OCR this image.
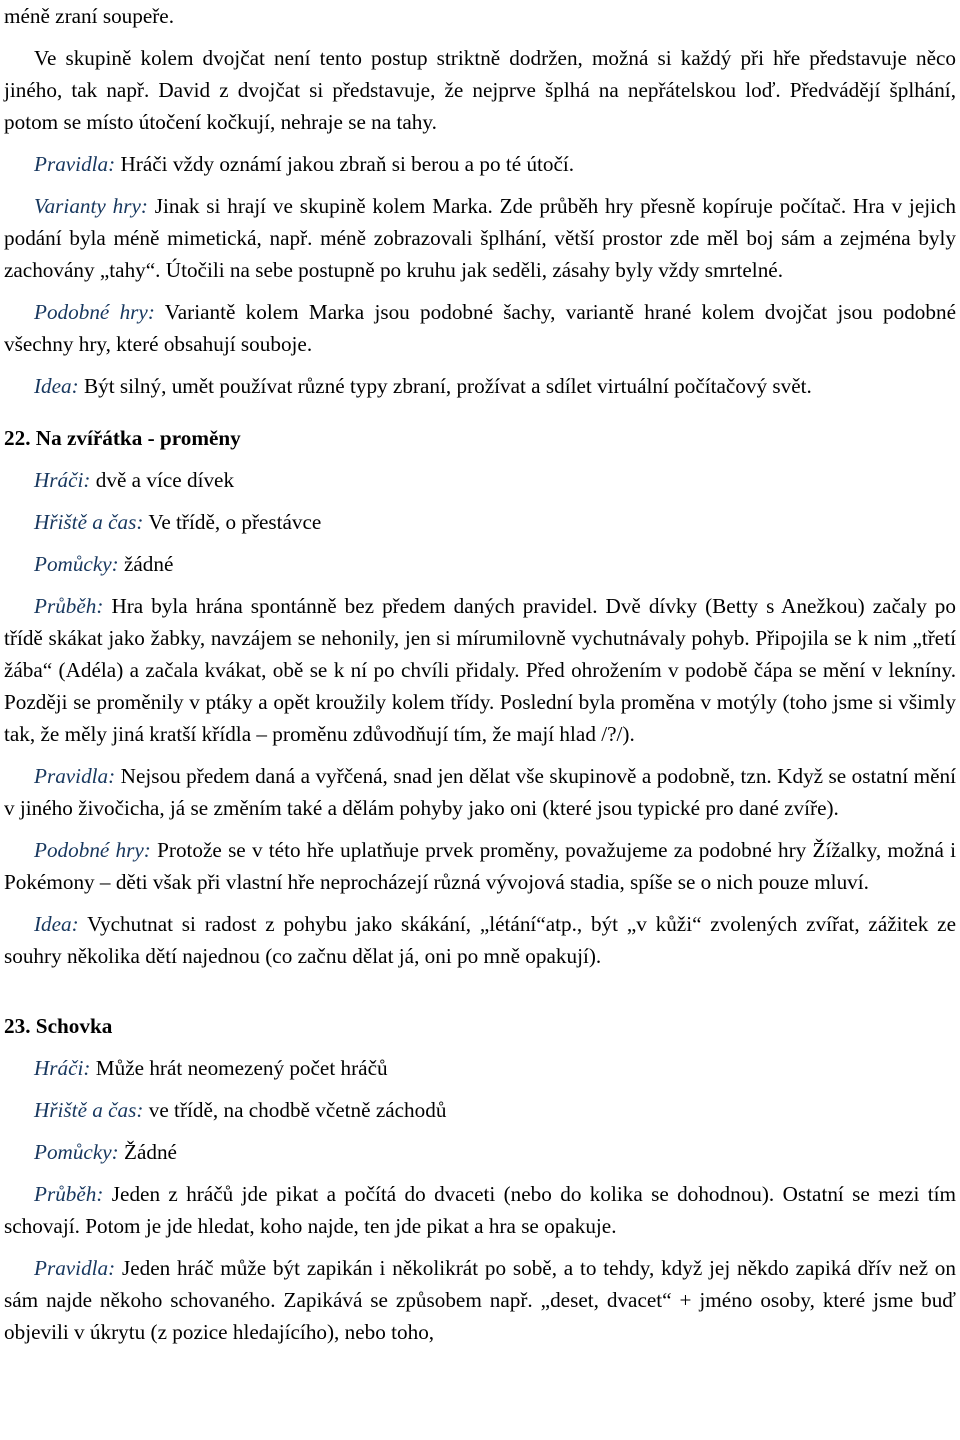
méně zraní soupeře.

Ve skupině kolem dvojčat není tento postup striktně dodržen, možná si každý při hře představuje něco jiného, tak např. David z dvojčat si představuje, že nejprve šplhá na nepřátelskou loď. Předvádějí šplhání, potom se místo útočení kočkují, nehraje se na tahy.

Pravidla: Hráči vždy oznámí jakou zbraň si berou a po té útočí.

Varianty hry: Jinak si hrají ve skupině kolem Marka. Zde průběh hry přesně kopíruje počítač. Hra v jejich podání byla méně mimetická, např. méně zobrazovali šplhání, větší prostor zde měl boj sám a zejména byly zachovány „tahy“. Útočili na sebe postupně po kruhu jak seděli, zásahy byly vždy smrtelné.

Podobné hry: Variantě kolem Marka jsou podobné šachy, variantě hrané kolem dvojčat jsou podobné všechny hry, které obsahují souboje.

Idea: Být silný, umět používat různé typy zbraní, prožívat a sdílet virtuální počítačový svět.

22. Na zvířátka - proměny

Hráči: dvě a více dívek

Hřiště a čas: Ve třídě, o přestávce

Pomůcky: žádné

Průběh: Hra byla hrána spontánně bez předem daných pravidel. Dvě dívky (Betty s Anežkou) začaly po třídě skákat jako žabky, navzájem se nehonily, jen si mírumilovně vychutnávaly pohyb. Připojila se k nim „třetí žába“ (Adéla) a začala kvákat, obě se k ní po chvíli přidaly. Před ohrožením v podobě čápa se mění v lekníny. Později se proměnily v ptáky a opět kroužily kolem třídy. Poslední byla proměna v motýly (toho jsme si všimly tak, že měly jiná kratší křídla – proměnu zdůvodňují tím, že mají hlad /?/).

Pravidla: Nejsou předem daná a vyřčená, snad jen dělat vše skupinově a podobně, tzn. Když se ostatní mění v jiného živočicha, já se změním také a dělám pohyby jako oni (které jsou typické pro dané zvíře).

Podobné hry: Protože se v této hře uplatňuje prvek proměny, považujeme za podobné hry Žížalky, možná i Pokémony – děti však při vlastní hře neprocházejí různá vývojová stadia, spíše se o nich pouze mluví.

Idea: Vychutnat si radost z pohybu jako skákání, „létání“atp., být „v kůži“ zvolených zvířat, zážitek ze souhry několika dětí najednou (co začnu dělat já, oni po mně opakují).

23. Schovka

Hráči: Může hrát neomezený počet hráčů

Hřiště a čas: ve třídě, na chodbě včetně záchodů

Pomůcky: Žádné

Průběh: Jeden z hráčů jde pikat a počítá do dvaceti (nebo do kolika se dohodnou). Ostatní se mezi tím schovají. Potom je jde hledat, koho najde, ten jde pikat a hra se opakuje.

Pravidla: Jeden hráč může být zapikán i několikrát po sobě, a to tehdy, když jej někdo zapiká dřív než on sám najde někoho schovaného. Zapikává se způsobem např. „deset, dvacet“ + jméno osoby, které jsme buď objevili v úkrytu (z pozice hledajícího), nebo toho,
